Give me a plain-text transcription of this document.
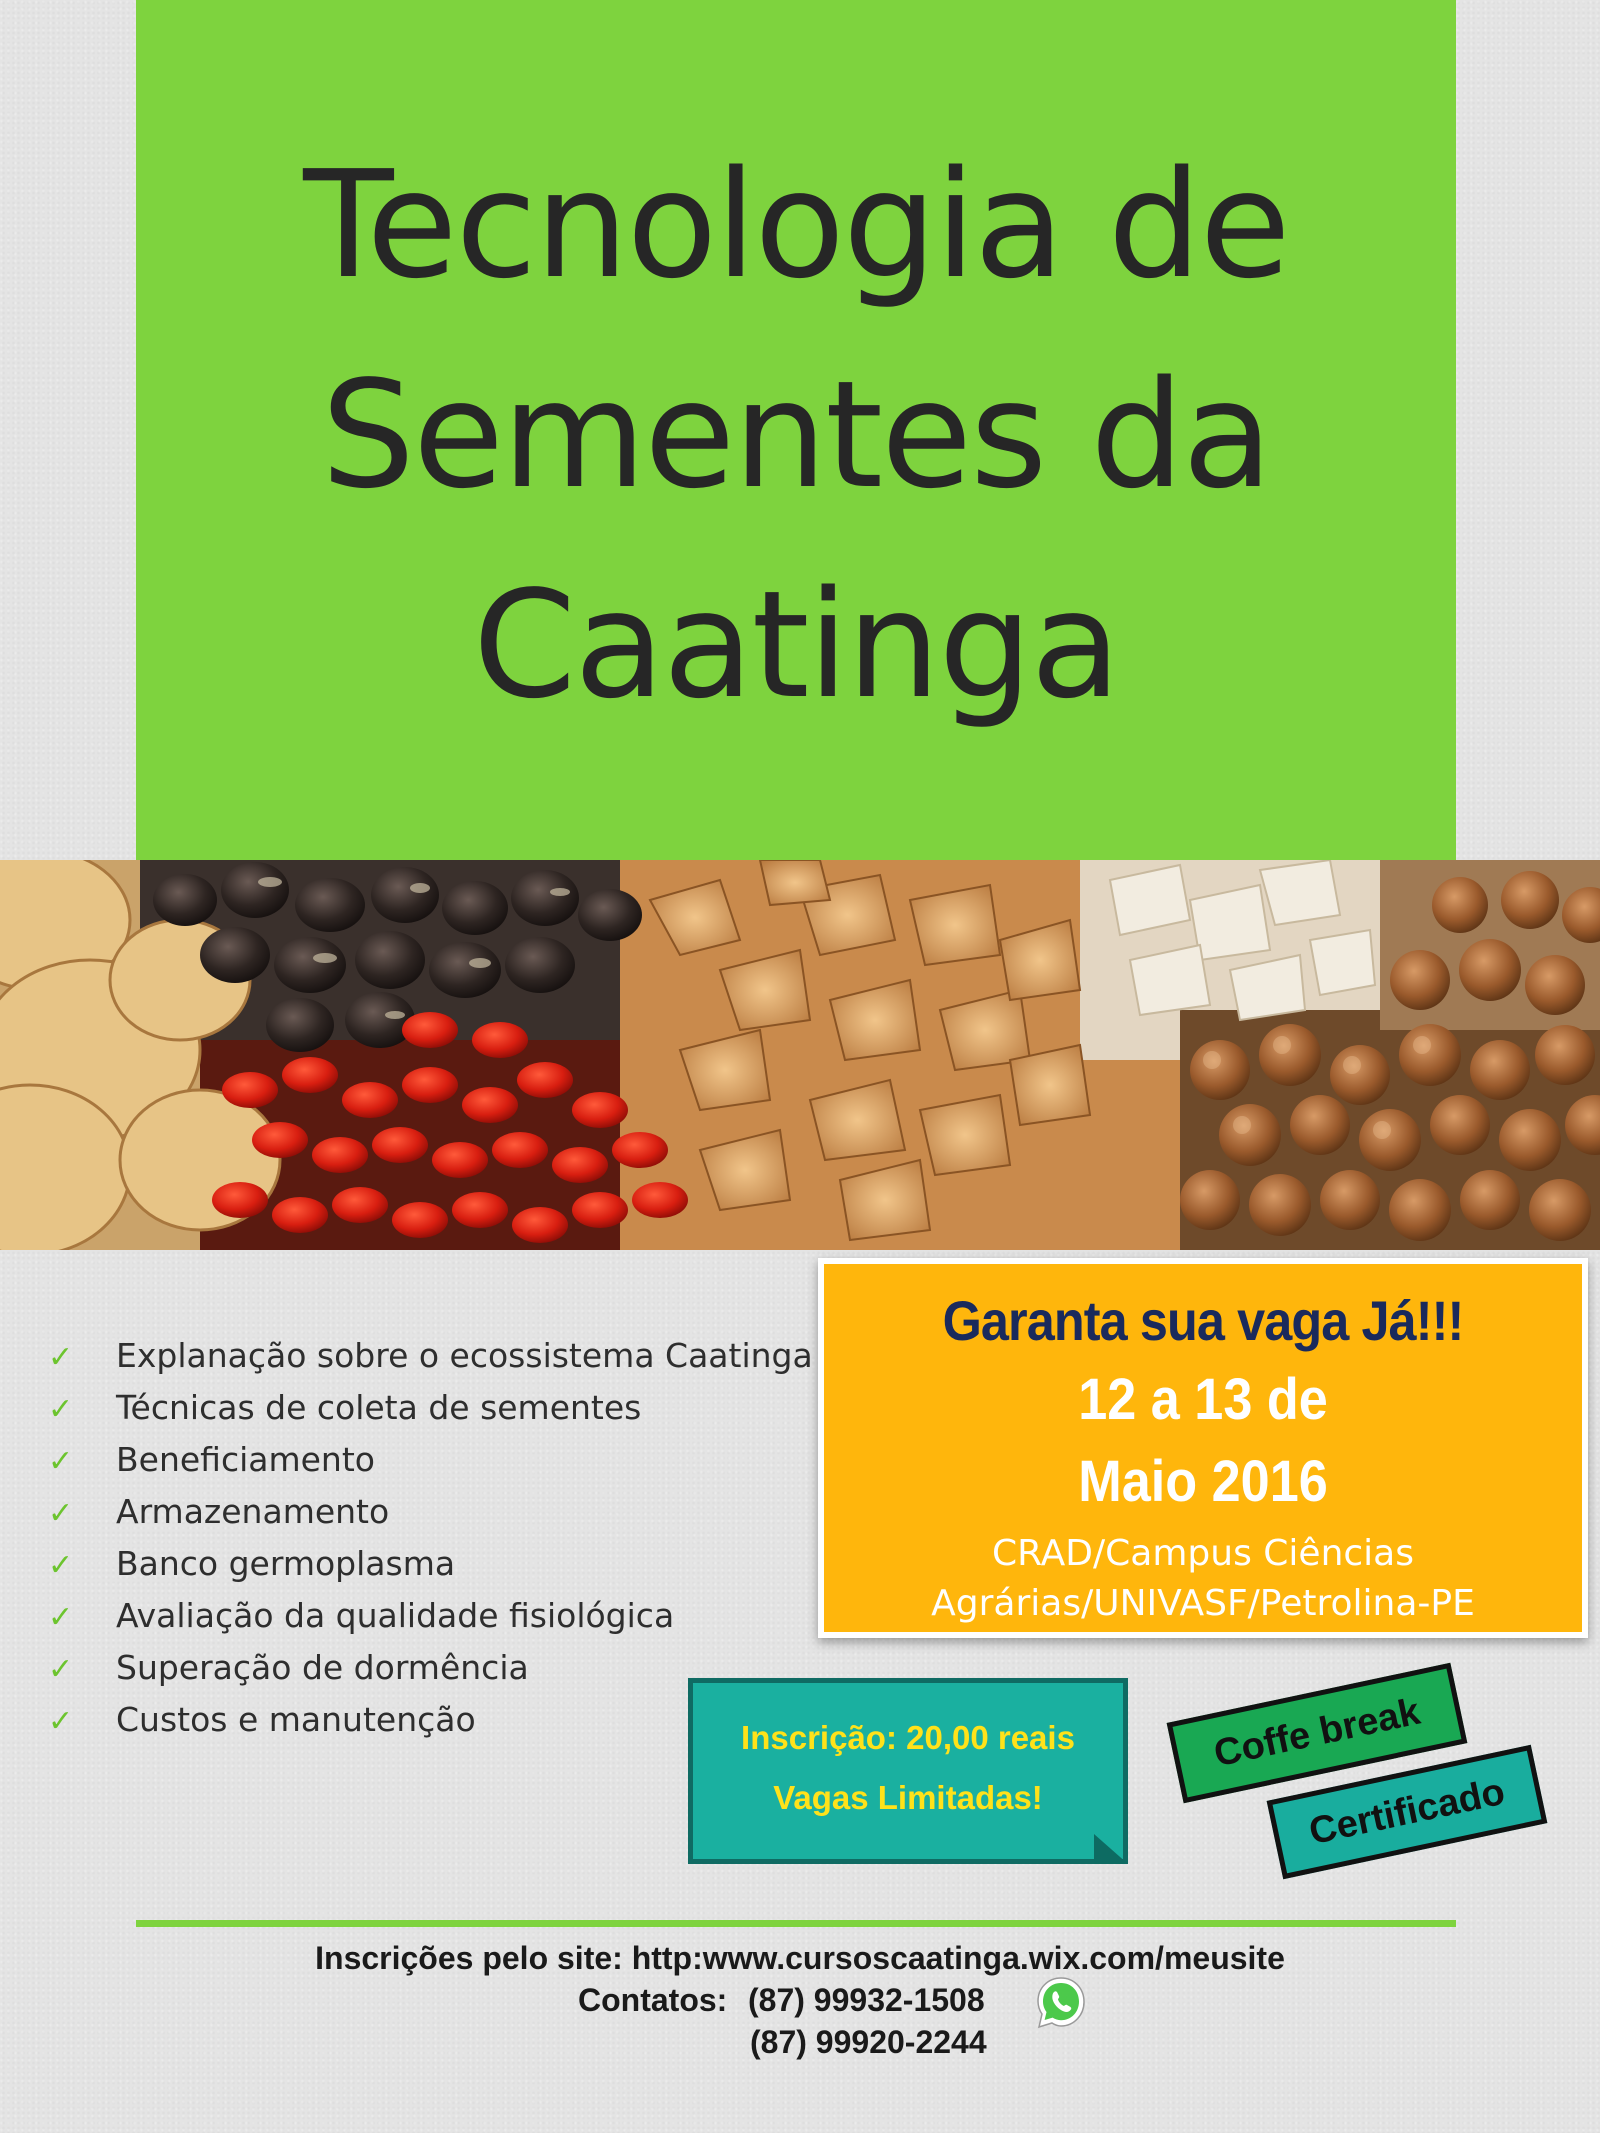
Tecnologia de
Sementes da
Caatinga
✓ Explanação sobre o ecossistema Caatinga
✓ Técnicas de coleta de sementes
✓ Beneficiamento
✓ Armazenamento
✓ Banco germoplasma
✓ Avaliação da qualidade fisiológica
✓ Superação de dormência
✓ Custos e manutenção
Garanta sua vaga Já!!!
12 a 13 de
Maio 2016
CRAD/Campus Ciências
Agrárias/UNIVASF/Petrolina-PE
Inscrição: 20,00 reais
Vagas Limitadas!
Coffe break
Certificado
Inscrições pelo site: http:www.cursoscaatinga.wix.com/meusite
Contatos: (87) 99932-1508
(87) 99920-2244
